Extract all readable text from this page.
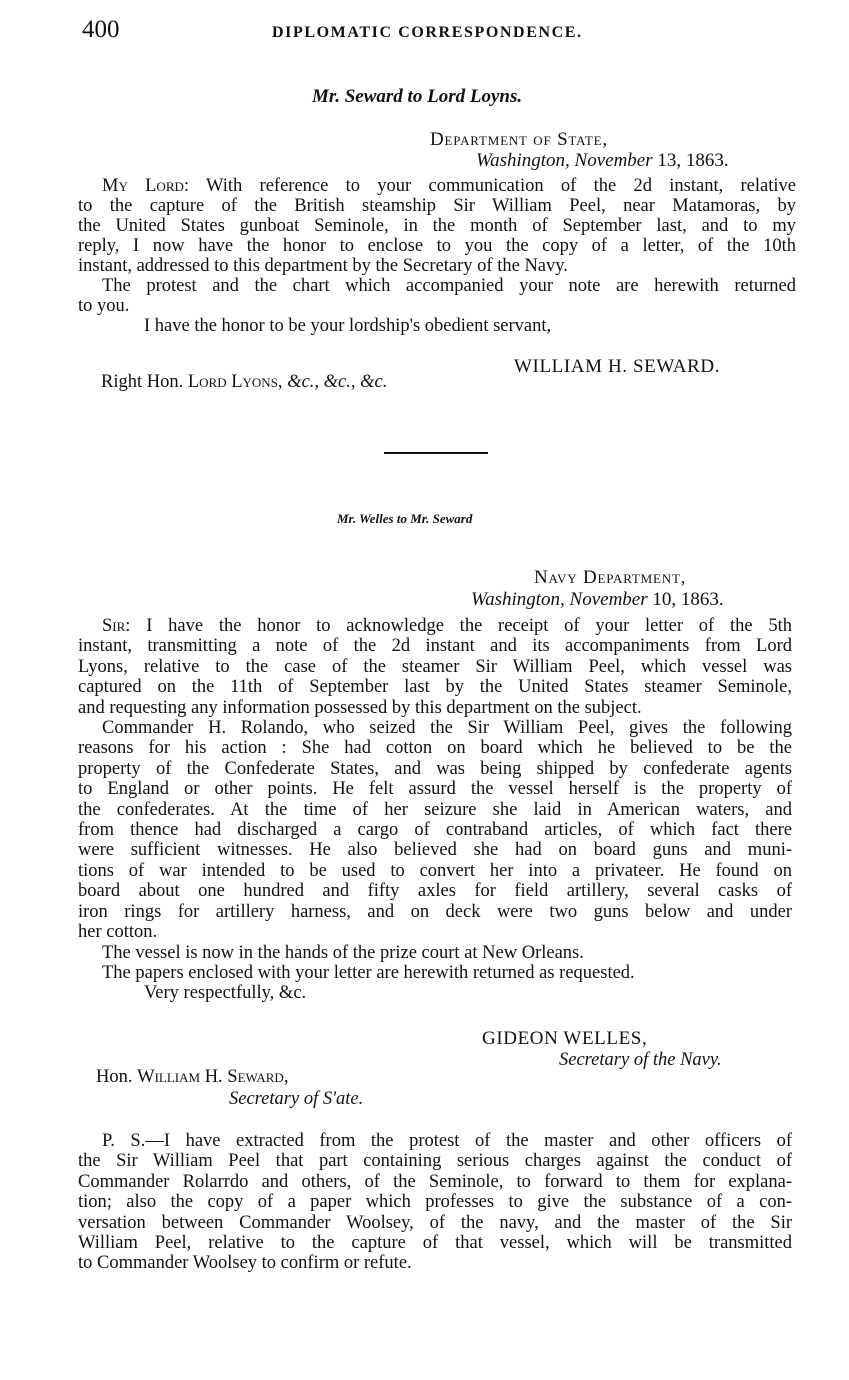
400	DIPLOMATIC CORRESPONDENCE.
Mr. Seward to Lord Loyns.
Department of State,
Washington, November 13, 1863.
My Lord: With reference to your communication of the 2d instant, relative
to the capture of the British steamship Sir William Peel, near Matamoras, by
the United States gunboat Seminole, in the month of September last, and to my
reply, I now have the honor to enclose to you the copy of a letter, of the 10th
instant, addressed to this department by the Secretary of the Navy.
The protest and the chart which accompanied your note are herewith returned
to you.
I have the honor to be your lordship's obedient servant,
WILLIAM H. SEWARD.
Right Hon. Lord Lyons, &c., &c., &c.
Mr. Welles to Mr. Seward
Navy Department,
Washington, November 10, 1863.
Sir: I have the honor to acknowledge the receipt of your letter of the 5th
instant, transmitting a note of the 2d instant and its accompaniments from Lord
Lyons, relative to the case of the steamer Sir William Peel, which vessel was
captured on the 11th of September last by the United States steamer Seminole,
and requesting any information possessed by this department on the subject.
Commander H. Rolando, who seized the Sir William Peel, gives the following
reasons for his action : She had cotton on board which he believed to be the
property of the Confederate States, and was being shipped by confederate agents
to England or other points. He felt assurd the vessel herself is the property of
the confederates. At the time of her seizure she laid in American waters, and
from thence had discharged a cargo of contraband articles, of which fact there
were sufficient witnesses. He also believed she had on board guns and muni-
tions of war intended to be used to convert her into a privateer. He found on
board about one hundred and fifty axles for field artillery, several casks of
iron rings for artillery harness, and on deck were two guns below and under
her cotton.
The vessel is now in the hands of the prize court at New Orleans.
The papers enclosed with your letter are herewith returned as requested.
Very respectfully, &c.
GIDEON WELLES,
Secretary of the Navy.
Hon. William H. Seward,
Secretary of S'ate.
P. S.—I have extracted from the protest of the master and other officers of
the Sir William Peel that part containing serious charges against the conduct of
Commander Rolarrdo and others, of the Seminole, to forward to them for explana-
tion; also the copy of a paper which professes to give the substance of a con-
versation between Commander Woolsey, of the navy, and the master of the Sir
William Peel, relative to the capture of that vessel, which will be transmitted
to Commander Woolsey to confirm or refute.
